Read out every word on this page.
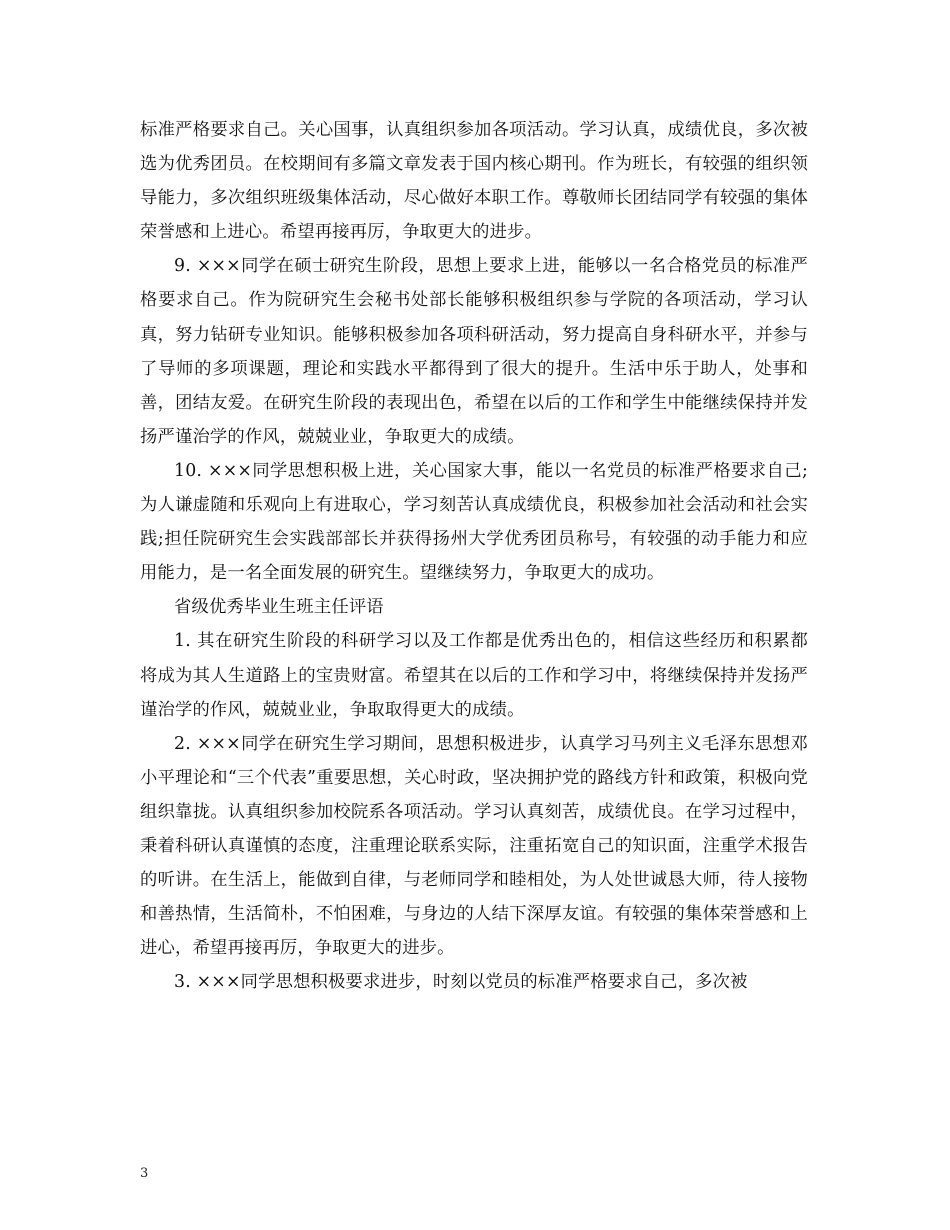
标准严格要求自己。关心国事，认真组织参加各项活动。学习认真，成绩优良，多次被选为优秀团员。在校期间有多篇文章发表于国内核心期刊。作为班长，有较强的组织领导能力，多次组织班级集体活动，尽心做好本职工作。尊敬师长团结同学有较强的集体荣誉感和上进心。希望再接再厉，争取更大的进步。

9. ×××同学在硕士研究生阶段，思想上要求上进，能够以一名合格党员的标准严格要求自己。作为院研究生会秘书处部长能够积极组织参与学院的各项活动，学习认真，努力钻研专业知识。能够积极参加各项科研活动，努力提高自身科研水平，并参与了导师的多项课题，理论和实践水平都得到了很大的提升。生活中乐于助人，处事和善，团结友爱。在研究生阶段的表现出色，希望在以后的工作和学生中能继续保持并发扬严谨治学的作风，兢兢业业，争取更大的成绩。

10. ×××同学思想积极上进，关心国家大事，能以一名党员的标准严格要求自己;为人谦虚随和乐观向上有进取心，学习刻苦认真成绩优良，积极参加社会活动和社会实践;担任院研究生会实践部部长并获得扬州大学优秀团员称号，有较强的动手能力和应用能力，是一名全面发展的研究生。望继续努力，争取更大的成功。

省级优秀毕业生班主任评语

1. 其在研究生阶段的科研学习以及工作都是优秀出色的，相信这些经历和积累都将成为其人生道路上的宝贵财富。希望其在以后的工作和学习中，将继续保持并发扬严谨治学的作风，兢兢业业，争取取得更大的成绩。

2. ×××同学在研究生学习期间，思想积极进步，认真学习马列主义毛泽东思想邓小平理论和“三个代表”重要思想，关心时政，坚决拥护党的路线方针和政策，积极向党组织靠拢。认真组织参加校院系各项活动。学习认真刻苦，成绩优良。在学习过程中，秉着科研认真谨慎的态度，注重理论联系实际，注重拓宽自己的知识面，注重学术报告的听讲。在生活上，能做到自律，与老师同学和睦相处，为人处世诚恳大师，待人接物和善热情，生活简朴，不怕困难，与身边的人结下深厚友谊。有较强的集体荣誉感和上进心，希望再接再厉，争取更大的进步。

3. ×××同学思想积极要求进步，时刻以党员的标准严格要求自己，多次被

3
